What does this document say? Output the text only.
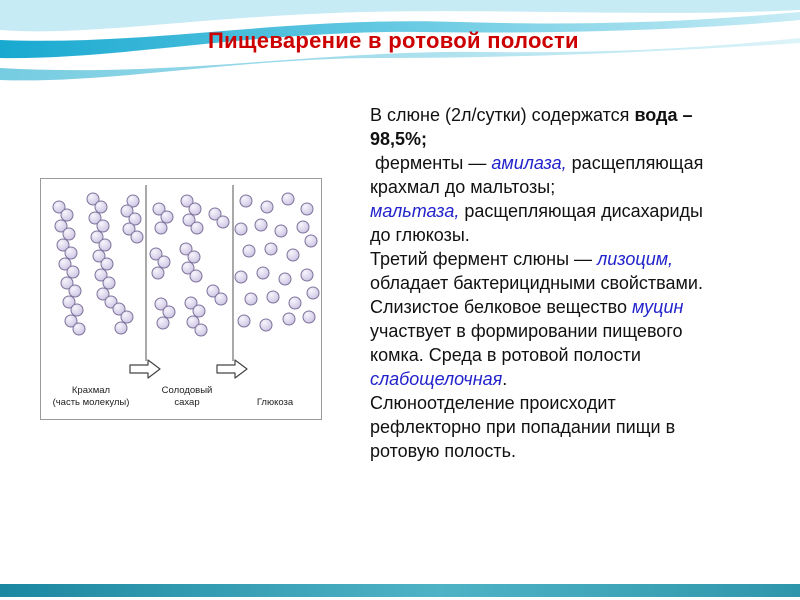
Пищеварение в ротовой полости
Крахмал
(часть молекулы)
Солодовый
сахар	Глюкоза

В слюне (2л/сутки) содержатся вода – 98,5%;

ферменты — амилаза, расщепляющая крахмал до мальтозы;

мальтаза, расщепляющая дисахариды до глюкозы.

Третий фермент слюны — лизоцим, обладает бактерицидными свойствами.

Слизистое белковое вещество муцин участвует в формировании пищевого комка. Среда в ротовой полости слабощелочная.

Слюноотделение происходит рефлекторно при попадании пищи в ротовую полость.
